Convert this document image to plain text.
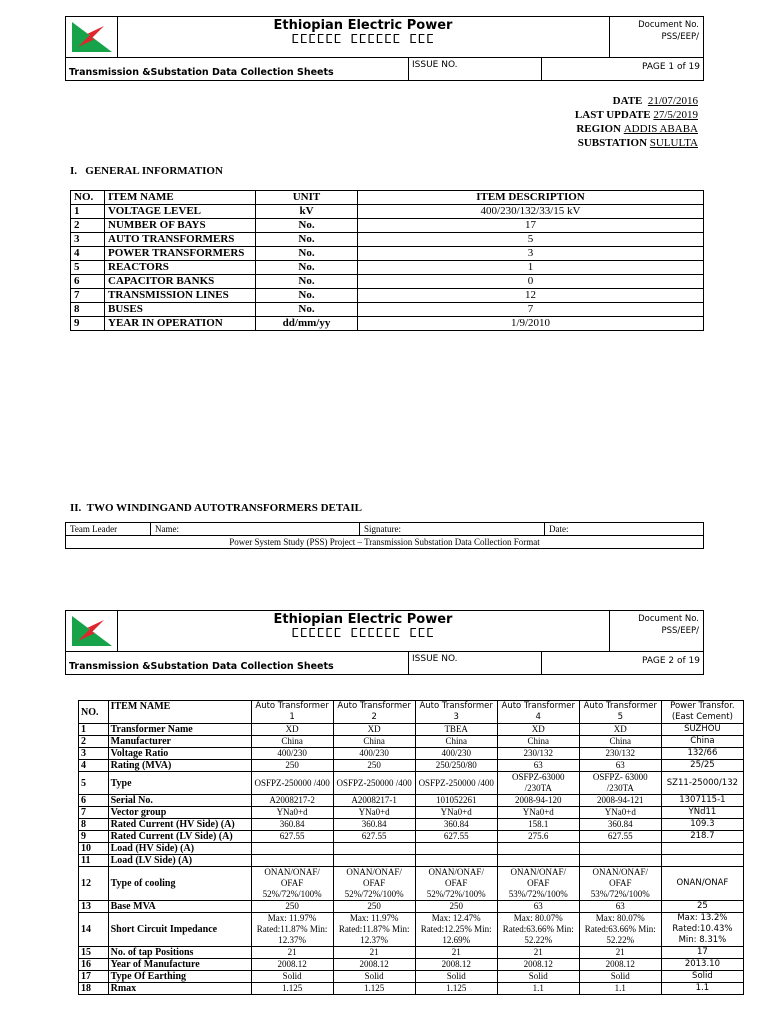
Ethiopian Electric Power
ⵎⵎⵎⵎⵎⵎ ⵎⵎⵎⵎⵎⵎ ⵎⵎⵎ
Document No.
PSS/EEP/
Transmission &Substation Data Collection Sheets
ISSUE NO.	PAGE 1 of 19
DATE 21/07/2016
LAST UPDATE 27/5/2019
REGION ADDIS ABABA
SUBSTATION SULULTA
I.   GENERAL INFORMATION
NO.	ITEM NAME	UNIT	ITEM DESCRIPTION
1	VOLTAGE LEVEL	kV	400/230/132/33/15 kV
2	NUMBER OF BAYS	No.	17
3	AUTO TRANSFORMERS	No.	5
4	POWER TRANSFORMERS	No.	3
5	REACTORS	No.	1
6	CAPACITOR BANKS	No.	0
7	TRANSMISSION LINES	No.	12
8	BUSES	No.	7
9	YEAR IN OPERATION	dd/mm/yy	1/9/2010
II.  TWO WINDINGAND AUTOTRANSFORMERS DETAIL
Team Leader	Name:	Signature:	Date:
Power System Study (PSS) Project – Transmission Substation Data Collection Format
Ethiopian Electric Power
ⵎⵎⵎⵎⵎⵎ ⵎⵎⵎⵎⵎⵎ ⵎⵎⵎ
Document No.
PSS/EEP/
Transmission &Substation Data Collection Sheets
ISSUE NO.	PAGE 2 of 19
NO.	ITEM NAME	Auto Transformer 1	Auto Transformer 2	Auto Transformer 3	Auto Transformer 4	Auto Transformer 5	Power Transfor. (East Cement)
1	Transformer Name	XD	XD	TBEA	XD	XD	SUZHOU
2	Manufacturer	China	China	China	China	China	China
3	Voltage Ratio	400/230	400/230	400/230	230/132	230/132	132/66
4	Rating (MVA)	250	250	250/250/80	63	63	25/25
5	Type	OSFPZ-250000 /400	OSFPZ-250000 /400	OSFPZ-250000 /400	OSFPZ-63000 /230TA	OSFPZ- 63000 /230TA	SZ11-25000/132
6	Serial No.	A2008217-2	A2008217-1	101052261	2008-94-120	2008-94-121	1307115-1
7	Vector group	YNa0+d	YNa0+d	YNa0+d	YNa0+d	YNa0+d	YNd11
8	Rated Current (HV Side) (A)	360.84	360.84	360.84	158.1	360.84	109.3
9	Rated Current (LV Side) (A)	627.55	627.55	627.55	275.6	627.55	218.7
10	Load (HV Side) (A)						
11	Load (LV Side) (A)						
12	Type of cooling	ONAN/ONAF/ OFAF 52%/72%/100%	ONAN/ONAF/ OFAF 52%/72%/100%	ONAN/ONAF/ OFAF 52%/72%/100%	ONAN/ONAF/ OFAF 53%/72%/100%	ONAN/ONAF/ OFAF 53%/72%/100%	ONAN/ONAF
13	Base MVA	250	250	250	63	63	25
14	Short Circuit Impedance	Max: 11.97% Rated:11.87% Min: 12.37%	Max: 11.97% Rated:11.87% Min: 12.37%	Max: 12.47% Rated:12.25% Min: 12.69%	Max: 80.07% Rated:63.66% Min: 52.22%	Max: 80.07% Rated:63.66% Min: 52.22%	Max: 13.2% Rated:10.43% Min: 8.31%
15	No. of tap Positions	21	21	21	21	21	17
16	Year of Manufacture	2008.12	2008.12	2008.12	2008.12	2008.12	2013.10
17	Type Of Earthing	Solid	Solid	Solid	Solid	Solid	Solid
18	Rmax	1.125	1.125	1.125	1.1	1.1	1.1
